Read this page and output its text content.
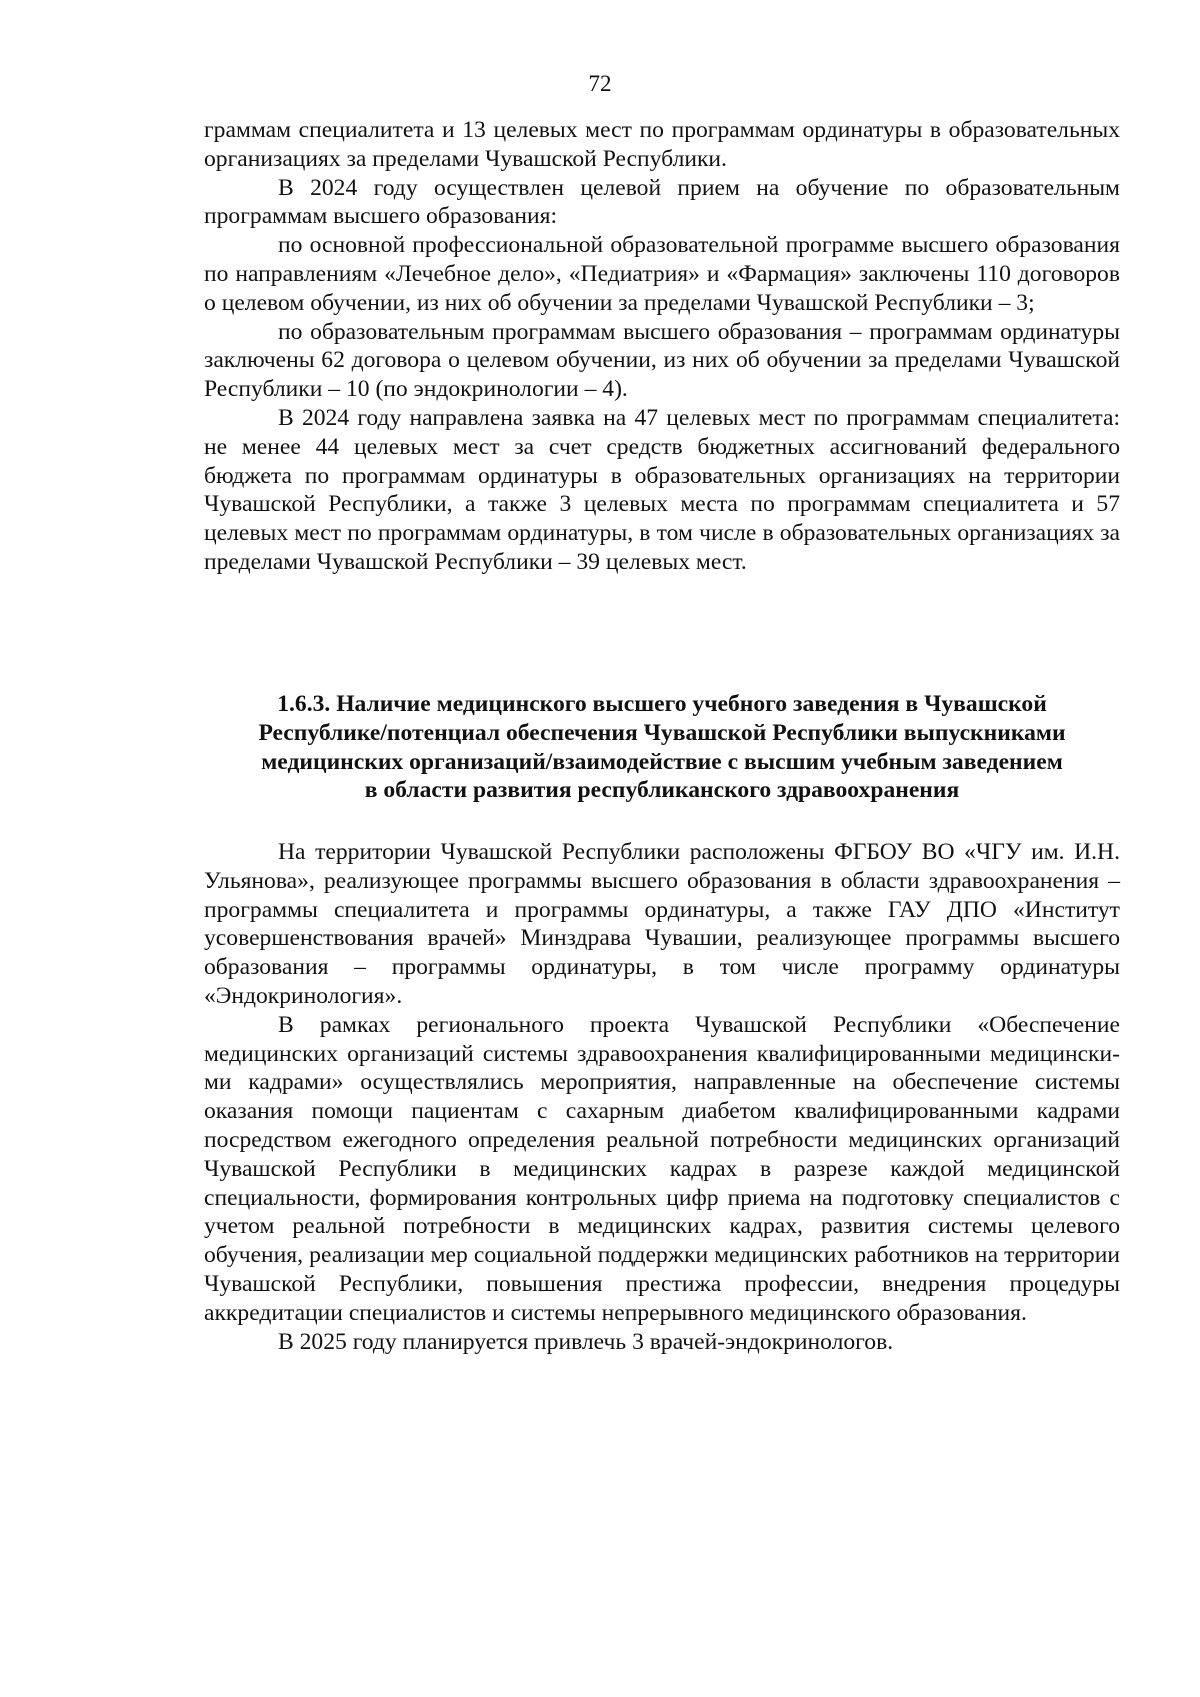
72

граммам специалитета и 13 целевых мест по программам ординатуры в образовательных организациях за пределами Чувашской Республики.

В 2024 году осуществлен целевой прием на обучение по образовательным программам высшего образования:

по основной профессиональной образовательной программе высшего образования по направлениям «Лечебное дело», «Педиатрия» и «Фармация» заключены 110 договоров о целевом обучении, из них об обучении за пределами Чувашской Республики – 3;

по образовательным программам высшего образования – программам ординатуры заключены 62 договора о целевом обучении, из них об обучении за пределами Чувашской Республики – 10 (по эндокринологии – 4).

В 2024 году направлена заявка на 47 целевых мест по программам специалитета: не менее 44 целевых мест за счет средств бюджетных ассигнований федерального бюджета по программам ординатуры в образовательных организациях на территории Чувашской Республики, а также 3 целевых места по программам специалитета и 57 целевых мест по программам ординатуры, в том числе в образовательных организациях за пределами Чувашской Республики – 39 целевых мест.

1.6.3. Наличие медицинского высшего учебного заведения в Чувашской
Республике/потенциал обеспечения Чувашской Республики выпускниками
медицинских организаций/взаимодействие с высшим учебным заведением
в области развития республиканского здравоохранения

На территории Чувашской Республики расположены ФГБОУ ВО «ЧГУ им. И.Н. Ульянова», реализующее программы высшего образования в области здравоохранения – программы специалитета и программы ординатуры, а также ГАУ ДПО «Институт усовершенствования врачей» Минздрава Чувашии, реализующее программы высшего образования – программы ординатуры, в том числе программу ординатуры «Эндокринология».

В рамках регионального проекта Чувашской Республики «Обеспечение медицинских организаций системы здравоохранения квалифицированными медицинскими кадрами» осуществлялись мероприятия, направленные на обеспечение системы оказания помощи пациентам с сахарным диабетом квалифицированными кадрами посредством ежегодного определения реальной потребности медицинских организаций Чувашской Республики в медицинских кадрах в разрезе каждой медицинской специальности, формирования контрольных цифр приема на подготовку специалистов с учетом реальной потребности в медицинских кадрах, развития системы целевого обучения, реализации мер социальной поддержки медицинских работников на территории Чувашской Республики, повышения престижа профессии, внедрения процедуры аккредитации специалистов и системы непрерывного медицинского образования.

В 2025 году планируется привлечь 3 врачей-эндокринологов.
